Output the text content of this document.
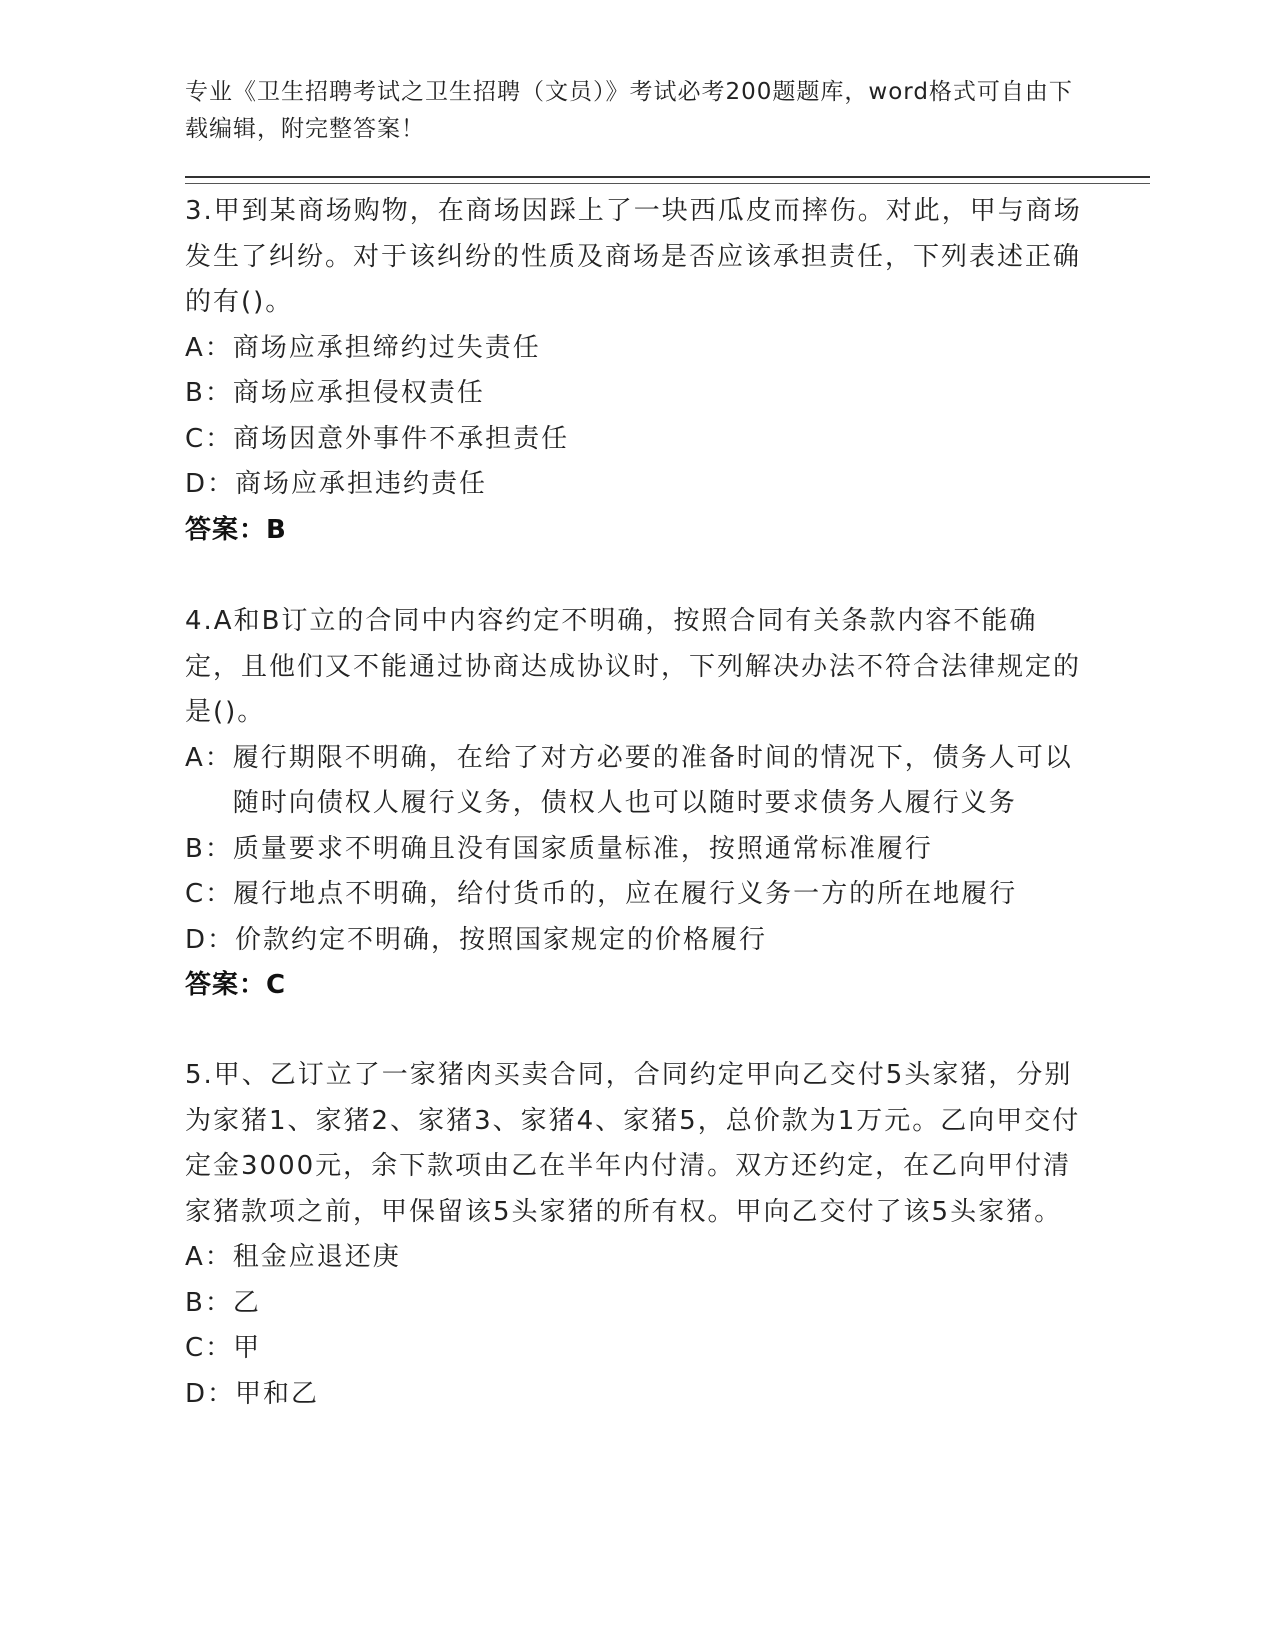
专业《卫生招聘考试之卫生招聘（文员）》考试必考200题题库，word格式可自由下载编辑，附完整答案！

3.甲到某商场购物，在商场因踩上了一块西瓜皮而摔伤。对此，甲与商场发生了纠纷。对于该纠纷的性质及商场是否应该承担责任，下列表述正确的有()。

A： 商场应承担缔约过失责任
B： 商场应承担侵权责任
C： 商场因意外事件不承担责任
D： 商场应承担违约责任

答案：B

4.A和B订立的合同中内容约定不明确，按照合同有关条款内容不能确定，且他们又不能通过协商达成协议时，下列解决办法不符合法律规定的是()。

A： 履行期限不明确，在给了对方必要的准备时间的情况下，债务人可以随时向债权人履行义务，债权人也可以随时要求债务人履行义务
B： 质量要求不明确且没有国家质量标准，按照通常标准履行
C： 履行地点不明确，给付货币的，应在履行义务一方的所在地履行
D： 价款约定不明确，按照国家规定的价格履行

答案：C

5.甲、乙订立了一家猪肉买卖合同，合同约定甲向乙交付5头家猪，分别为家猪1、家猪2、家猪3、家猪4、家猪5，总价款为1万元。乙向甲交付定金3000元，余下款项由乙在半年内付清。双方还约定，在乙向甲付清家猪款项之前，甲保留该5头家猪的所有权。甲向乙交付了该5头家猪。

A： 租金应退还庚
B： 乙
C： 甲
D： 甲和乙
